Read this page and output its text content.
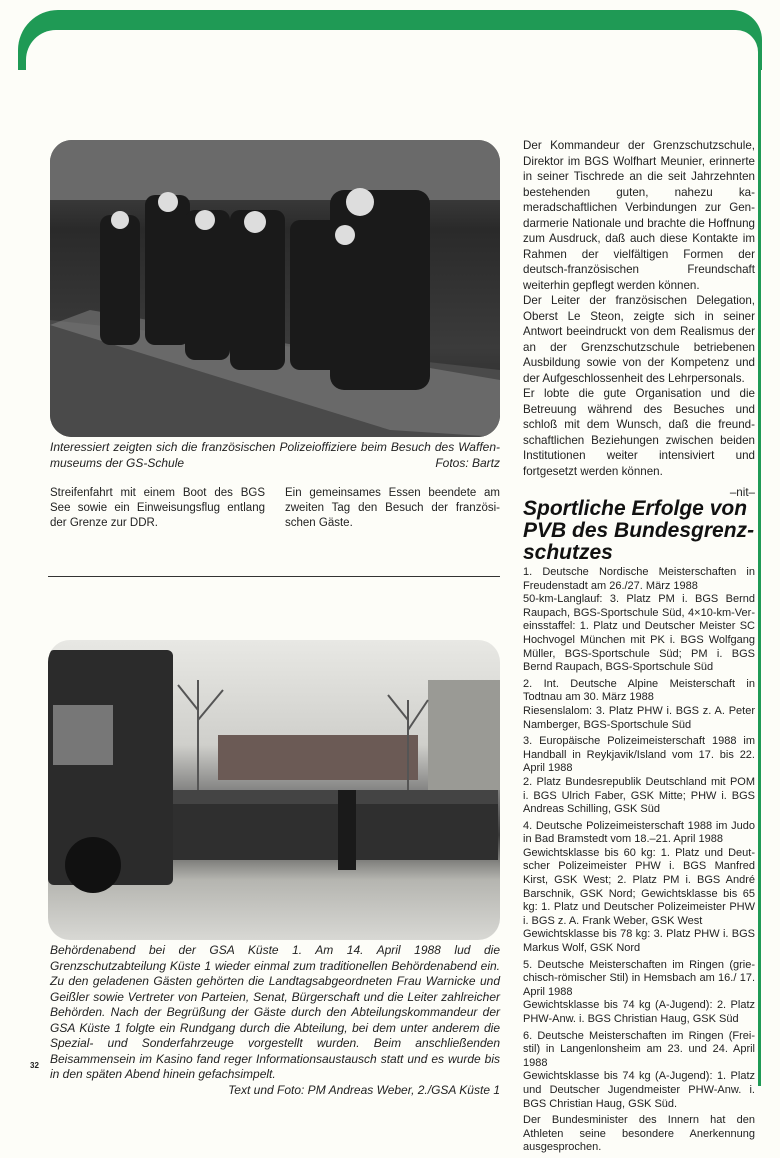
Interessiert zeigten sich die französischen Polizeioffiziere beim Besuch des Waffenmuseums der GS-Schule	Fotos: Bartz
Streifenfahrt mit einem Boot des BGS See sowie ein Einweisungsflug entlang der Grenze zur DDR.
Ein gemeinsames Essen beendete am zweiten Tag den Besuch der französischen Gäste.

Der Kommandeur der Grenzschutzschule, Direktor im BGS Wolfhart Meunier, erinnerte in seiner Tischrede an die seit Jahrzehnten bestehenden guten, nahezu kameradschaftlichen Verbindungen zur Gendarmerie Nationale und brachte die Hoffnung zum Ausdruck, daß auch diese Kontakte im Rahmen der vielfältigen Formen der deutsch-französischen Freundschaft weiterhin gepflegt werden können.

Der Leiter der französischen Delegation, Oberst Le Steon, zeigte sich in seiner Antwort beeindruckt von dem Realismus der an der Grenzschutzschule betriebenen Ausbildung sowie von der Kompetenz und der Aufgeschlossenheit des Lehrpersonals.

Er lobte die gute Organisation und die Betreuung während des Besuches und schloß mit dem Wunsch, daß die freundschaftlichen Beziehungen zwischen beiden Institutionen weiter intensiviert und fortgesetzt werden können.

–nit–

Sportliche Erfolge von PVB des Bundesgrenzschutzes

1. Deutsche Nordische Meisterschaften in Freudenstadt am 26./27. März 1988
50-km-Langlauf: 3. Platz PM i. BGS Bernd Raupach, BGS-Sportschule Süd, 4×10-km-Vereinsstaffel: 1. Platz und Deutscher Meister SC Hochvogel München mit PK i. BGS Wolfgang Müller, BGS-Sportschule Süd; PM i. BGS Bernd Raupach, BGS-Sportschule Süd

2. Int. Deutsche Alpine Meisterschaft in Todtnau am 30. März 1988
Riesenslalom: 3. Platz PHW i. BGS z. A. Peter Namberger, BGS-Sportschule Süd

3. Europäische Polizeimeisterschaft 1988 im Handball in Reykjavik/Island vom 17. bis 22. April 1988
2. Platz Bundesrepublik Deutschland mit POM i. BGS Ulrich Faber, GSK Mitte; PHW i. BGS Andreas Schilling, GSK Süd

4. Deutsche Polizeimeisterschaft 1988 im Judo in Bad Bramstedt vom 18.–21. April 1988
Gewichtsklasse bis 60 kg: 1. Platz und Deutscher Polizeimeister PHW i. BGS Manfred Kirst, GSK West; 2. Platz PM i. BGS André Barschnik, GSK Nord; Gewichtsklasse bis 65 kg: 1. Platz und Deutscher Polizeimeister PHW i. BGS z. A. Frank Weber, GSK West
Gewichtsklasse bis 78 kg: 3. Platz PHW i. BGS Markus Wolf, GSK Nord

5. Deutsche Meisterschaften im Ringen (griechisch-römischer Stil) in Hemsbach am 16./ 17. April 1988
Gewichtsklasse bis 74 kg (A-Jugend): 2. Platz PHW-Anw. i. BGS Christian Haug, GSK Süd

6. Deutsche Meisterschaften im Ringen (Freistil) in Langenlonsheim am 23. und 24. April 1988
Gewichtsklasse bis 74 kg (A-Jugend): 1. Platz und Deutscher Jugendmeister PHW-Anw. i. BGS Christian Haug, GSK Süd.

Der Bundesminister des Innern hat den Athleten seine besondere Anerkennung ausgesprochen.

Behördenabend bei der GSA Küste 1. Am 14. April 1988 lud die Grenzschutzabteilung Küste 1 wieder einmal zum traditionellen Behördenabend ein. Zu den geladenen Gästen gehörten die Landtagsabgeordneten Frau Warnicke und Geißler sowie Vertreter von Parteien, Senat, Bürgerschaft und die Leiter zahlreicher Behörden. Nach der Begrüßung der Gäste durch den Abteilungskommandeur der GSA Küste 1 folgte ein Rundgang durch die Abteilung, bei dem unter anderem die Spezial- und Sonderfahrzeuge vorgestellt wurden. Beim anschließenden Beisammensein im Kasino fand reger Informationsaustausch statt und es wurde bis in den späten Abend hinein gefachsimpelt.
Text und Foto: PM Andreas Weber, 2./GSA Küste 1
32
